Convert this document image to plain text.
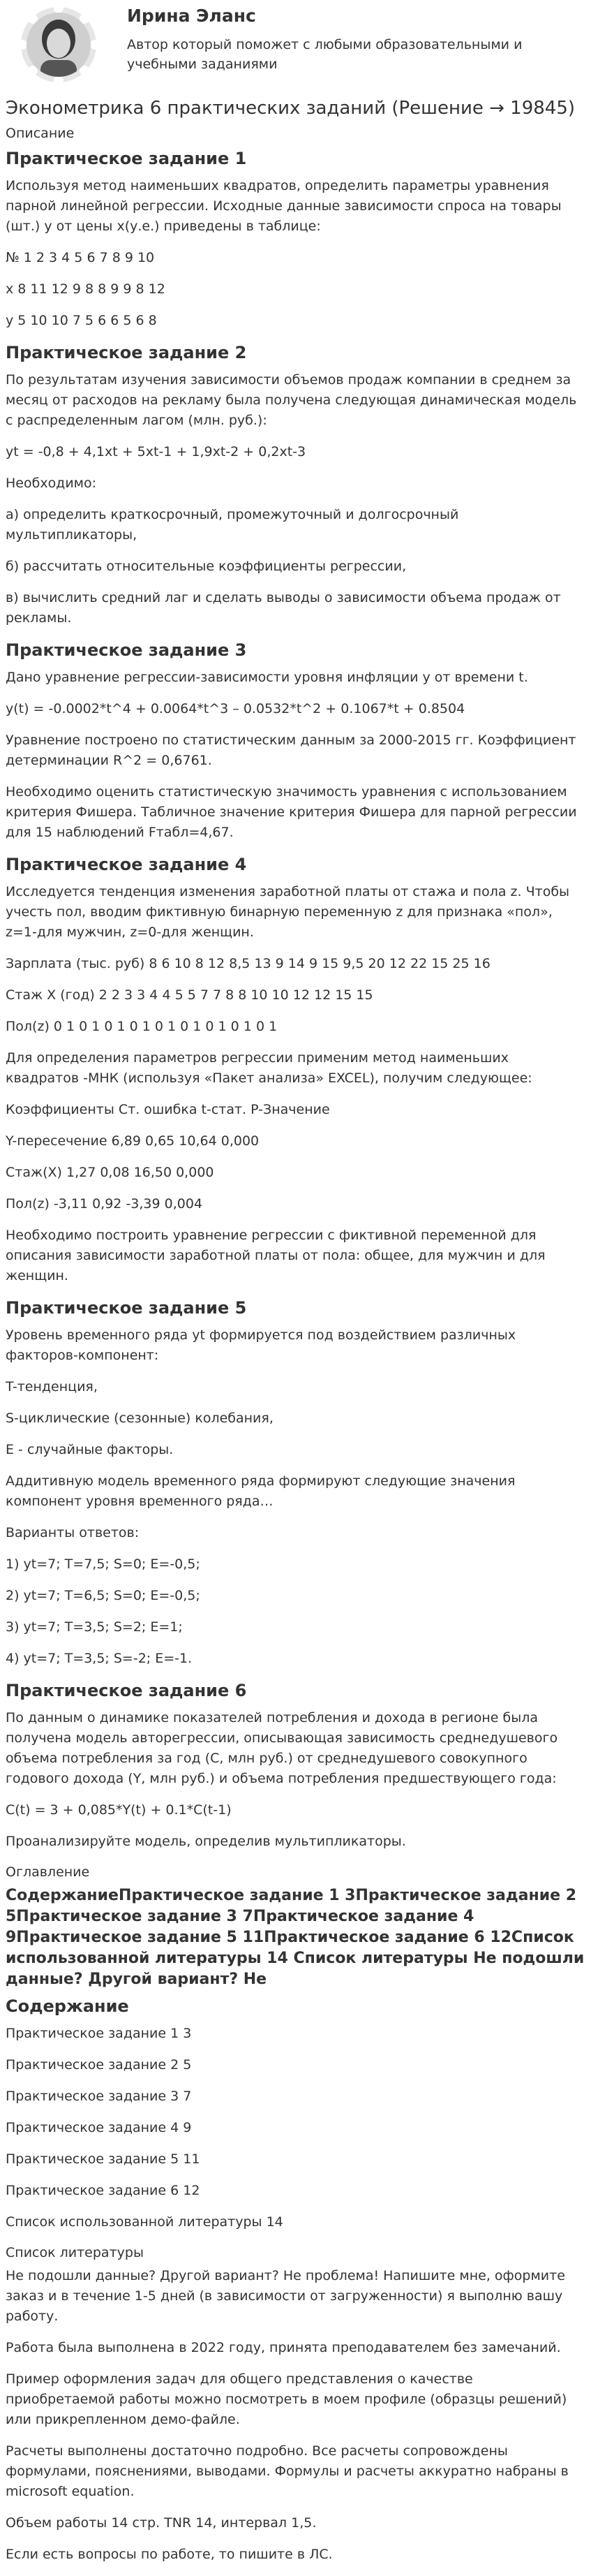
Ирина Эланс
Автор который поможет с любыми образовательными и учебными заданиями
Эконометрика 6 практических заданий (Решение → 19845)
Описание
Практическое задание 1

Используя метод наименьших квадратов, определить параметры уравнения парной линейной регрессии. Исходные данные зависимости спроса на товары (шт.) y от цены x(у.е.) приведены в таблице:

№ 1 2 3 4 5 6 7 8 9 10

x 8 11 12 9 8 8 9 9 8 12

y 5 10 10 7 5 6 6 5 6 8

Практическое задание 2

По результатам изучения зависимости объемов продаж компании в среднем за месяц от расходов на рекламу была получена следующая динамическая модель с распределенным лагом (млн. руб.):

yt = -0,8 + 4,1xt + 5xt-1 + 1,9xt-2 + 0,2xt-3

Необходимо:

а) определить краткосрочный, промежуточный и долгосрочный мультипликаторы,

б) рассчитать относительные коэффициенты регрессии,

в) вычислить средний лаг и сделать выводы о зависимости объема продаж от рекламы.

Практическое задание 3

Дано уравнение регрессии-зависимости уровня инфляции y от времени t.

y(t) = -0.0002*t^4 + 0.0064*t^3 – 0.0532*t^2 + 0.1067*t + 0.8504

Уравнение построено по статистическим данным за 2000-2015 гг. Коэффициент детерминации R^2 = 0,6761.

Необходимо оценить статистическую значимость уравнения с использованием критерия Фишера. Табличное значение критерия Фишера для парной регрессии для 15 наблюдений Fтабл=4,67.

Практическое задание 4

Исследуется тенденция изменения заработной платы от стажа и пола z. Чтобы учесть пол, вводим фиктивную бинарную переменную z для признака «пол», z=1-для мужчин, z=0-для женщин.

Зарплата (тыс. руб) 8 6 10 8 12 8,5 13 9 14 9 15 9,5 20 12 22 15 25 16

Стаж X (год) 2 2 3 3 4 4 5 5 7 7 8 8 10 10 12 12 15 15

Пол(z) 0 1 0 1 0 1 0 1 0 1 0 1 0 1 0 1 0 1

Для определения параметров регрессии применим метод наименьших квадратов -МНК (используя «Пакет анализа» EXCEL), получим следующее:

Коэффициенты Ст. ошибка t-стат. P-Значение

Y-пересечение 6,89 0,65 10,64 0,000

Стаж(X) 1,27 0,08 16,50 0,000

Пол(z) -3,11 0,92 -3,39 0,004

Необходимо построить уравнение регрессии с фиктивной переменной для описания зависимости заработной платы от пола: общее, для мужчин и для женщин.

Практическое задание 5

Уровень временного ряда yt формируется под воздействием различных факторов-компонент:

T-тенденция,

S-циклические (сезонные) колебания,

E - случайные факторы.

Аддитивную модель временного ряда формируют следующие значения компонент уровня временного ряда…

Варианты ответов:

1) yt=7; T=7,5; S=0; E=-0,5;

2) yt=7; T=6,5; S=0; E=-0,5;

3) yt=7; T=3,5; S=2; E=1;

4) yt=7; T=3,5; S=-2; E=-1.

Практическое задание 6

По данным о динамике показателей потребления и дохода в регионе была получена модель авторегрессии, описывающая зависимость среднедушевого объема потребления за год (C, млн руб.) от среднедушевого совокупного годового дохода (Y, млн руб.) и объема потребления предшествующего года:

C(t) = 3 + 0,085*Y(t) + 0.1*C(t-1)

Проанализируйте модель, определив мультипликаторы.

Оглавление
СодержаниеПрактическое задание 1 3Практическое задание 2 5Практическое задание 3 7Практическое задание 4 9Практическое задание 5 11Практическое задание 6 12Список использованной литературы 14 Список литературы Не подошли данные? Другой вариант? Не
Содержание

Практическое задание 1 3

Практическое задание 2 5

Практическое задание 3 7

Практическое задание 4 9

Практическое задание 5 11

Практическое задание 6 12

Список использованной литературы 14

Список литературы

Не подошли данные? Другой вариант? Не проблема! Напишите мне, оформите заказ и в течение 1-5 дней (в зависимости от загруженности) я выполню вашу работу.

Работа была выполнена в 2022 году, принята преподавателем без замечаний.

Пример оформления задач для общего представления о качестве приобретаемой работы можно посмотреть в моем профиле (образцы решений) или прикрепленном демо-файле.

Расчеты выполнены достаточно подробно. Все расчеты сопровождены формулами, пояснениями, выводами. Формулы и расчеты аккуратно набраны в microsoft equation.

Объем работы 14 стр. TNR 14, интервал 1,5.

Если есть вопросы по работе, то пишите в ЛС.
